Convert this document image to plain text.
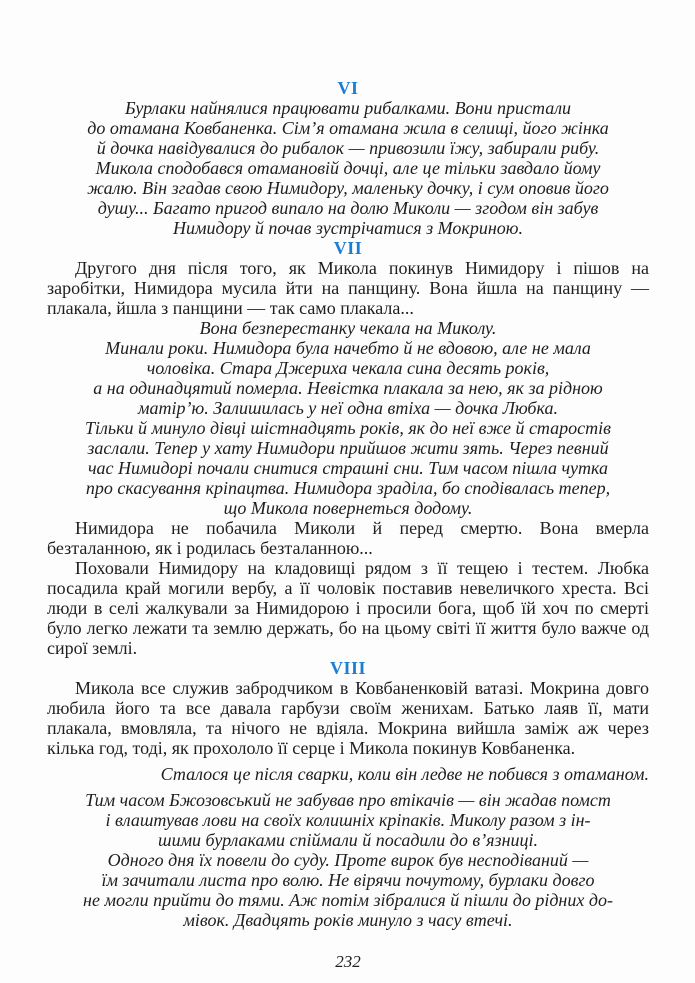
VI
Бурлаки найнялися працювати рибалками. Вони пристали
до отамана Ковбаненка. Сім’я отамана жила в селищі, його жінка
й дочка навідувалися до рибалок — привозили їжу, забирали рибу.
Микола сподобався отамановій дочці, але це тільки завдало йому
жалю. Він згадав свою Нимидору, маленьку дочку, і сум оповив його
душу... Багато пригод випало на долю Миколи — згодом він забув
Нимидору й почав зустрічатися з Мокриною.
VII

Другого дня після того, як Микола покинув Нимидору і пішов на заробітки, Нимидора мусила йти на панщину. Вона йшла на панщину — плакала, йшла з панщини — так само плакала...

Вона безперестанку чекала на Миколу.
Минали роки. Нимидора була начебто й не вдовою, але не мала
чоловіка. Стара Джериха чекала сина десять років,
а на одинадцятий померла. Невістка плакала за нею, як за рідною
матір’ю. Залишилась у неї одна втіха — дочка Любка.
Тільки й минуло дівці шістнадцять років, як до неї вже й старостів
заслали. Тепер у хату Нимидори прийшов жити зять. Через певний
час Нимидорі почали снитися страшні сни. Тим часом пішла чутка
про скасування кріпацтва. Нимидора зраділа, бо сподівалась тепер,
що Микола повернеться додому.

Нимидора не побачила Миколи й перед смертю. Вона вмерла безталанною, як і родилась безталанною...

Поховали Нимидору на кладовищі рядом з її тещею і тестем. Любка посадила край могили вербу, а її чоловік поставив невеличкого хреста. Всі люди в селі жалкували за Нимидорою і просили бога, щоб їй хоч по смерті було легко лежати та землю держать, бо на цьому світі її життя було важче од сирої землі.

VIII

Микола все служив забродчиком в Ковбаненковій ватазі. Мокрина довго любила його та все давала гарбузи своїм женихам. Батько лаяв її, мати плакала, вмовляла, та нічого не вдіяла. Мокрина вийшла заміж аж через кілька год, тоді, як прохололо її серце і Микола покинув Ковбаненка.

Сталося це після сварки, коли він ледве не побився з отаманом.
Тим часом Бжозовський не забував про втікачів — він жадав помст
і влаштував лови на своїх колишніх кріпаків. Миколу разом з ін-
шими бурлаками спіймали й посадили до в’язниці.
Одного дня їх повели до суду. Проте вирок був несподіваний —
їм зачитали листа про волю. Не вірячи почутому, бурлаки довго
не могли прийти до тями. Аж потім зібралися й пішли до рідних до-
мівок. Двадцять років минуло з часу втечі.
232
